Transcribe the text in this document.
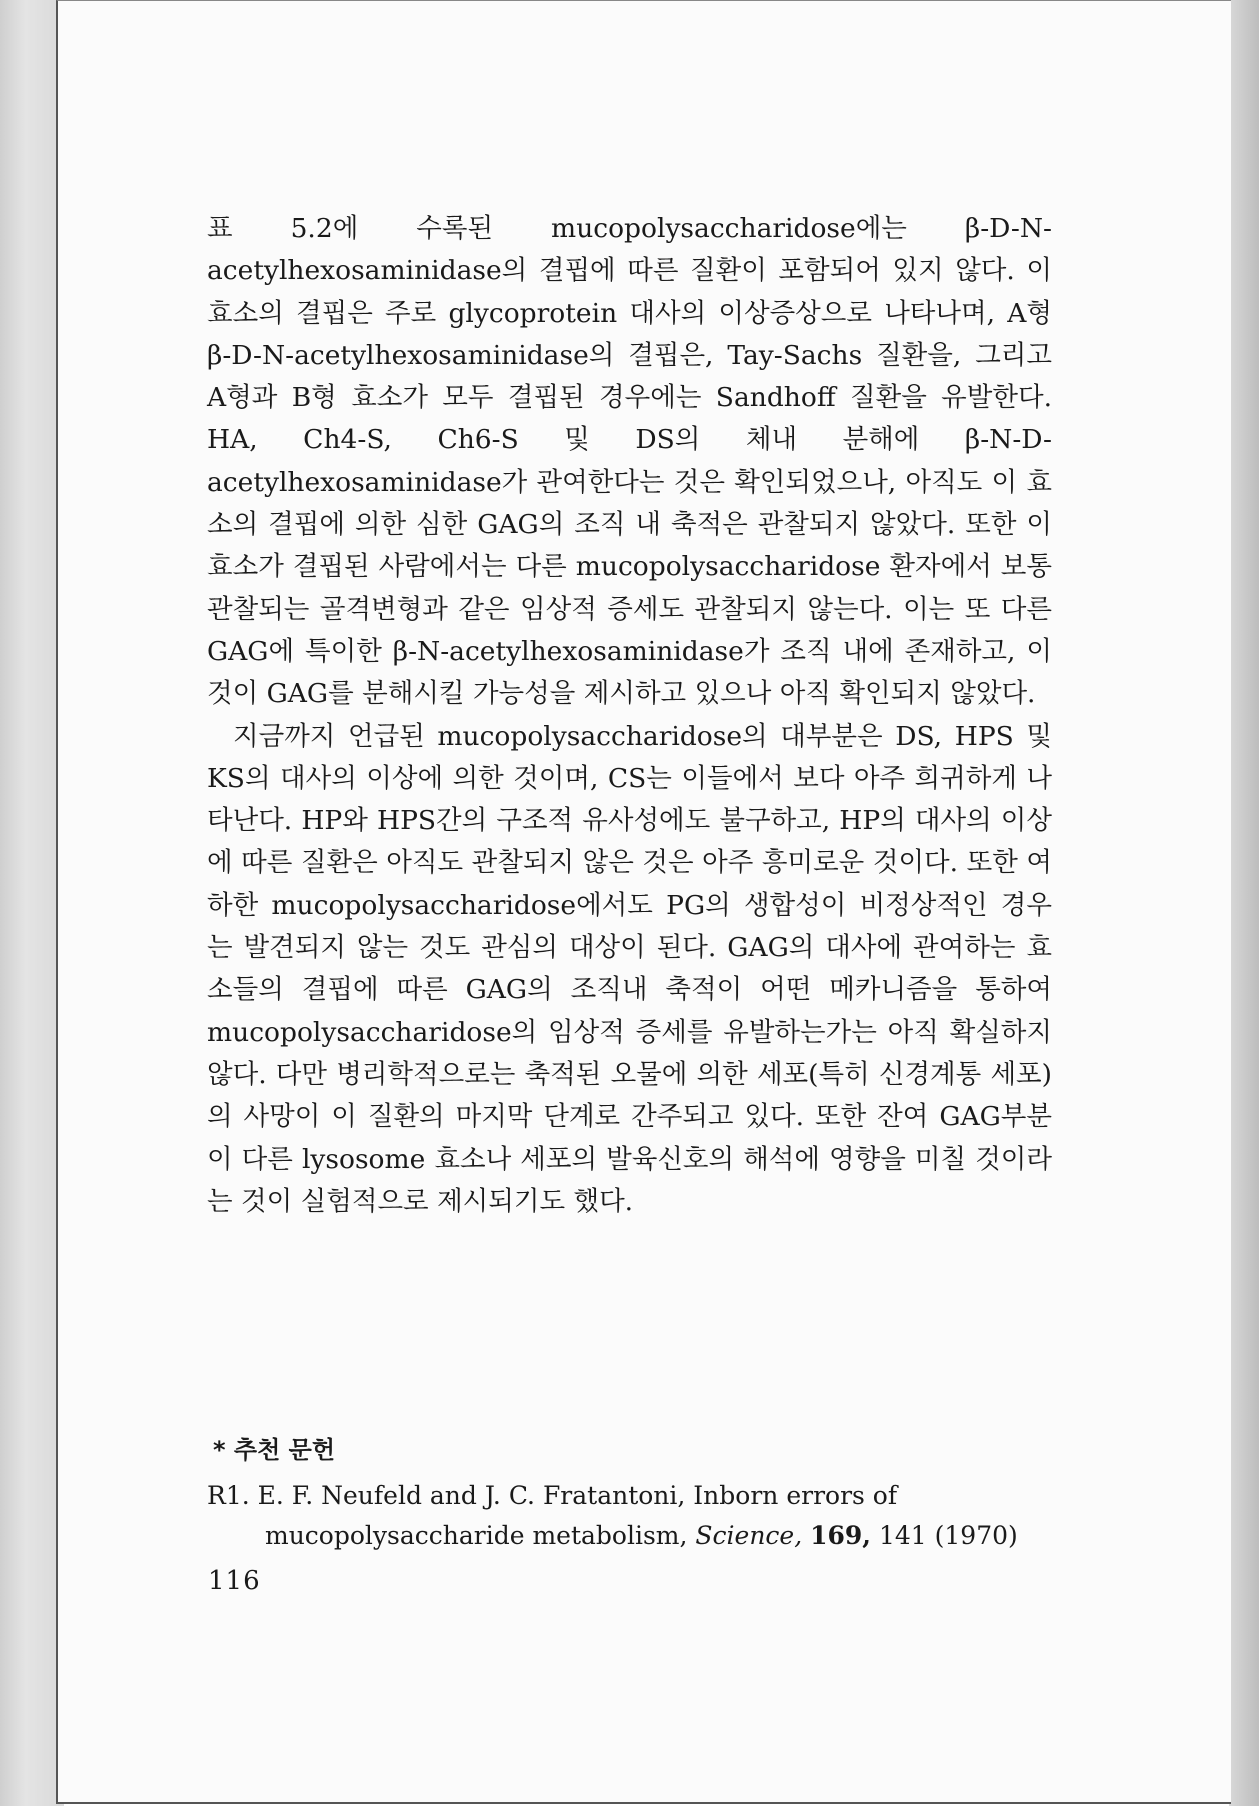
표 5.2에 수록된 mucopolysaccharidose에는 β-D-N-acetylhexosaminidase의 결핍에 따른 질환이 포함되어 있지 않다. 이 효소의 결핍은 주로 glycoprotein 대사의 이상증상으로 나타나며, A형 β-D-N-acetylhexosaminidase의 결핍은, Tay-Sachs 질환을, 그리고 A형과 B형 효소가 모두 결핍된 경우에는 Sandhoff 질환을 유발한다. HA, Ch4-S, Ch6-S 및 DS의 체내 분해에 β-N-D-acetylhexosaminidase가 관여한다는 것은 확인되었으나, 아직도 이 효소의 결핍에 의한 심한 GAG의 조직 내 축적은 관찰되지 않았다. 또한 이 효소가 결핍된 사람에서는 다른 mucopolysaccharidose 환자에서 보통 관찰되는 골격변형과 같은 임상적 증세도 관찰되지 않는다. 이는 또 다른 GAG에 특이한 β-N-acetylhexosaminidase가 조직 내에 존재하고, 이것이 GAG를 분해시킬 가능성을 제시하고 있으나 아직 확인되지 않았다.

지금까지 언급된 mucopolysaccharidose의 대부분은 DS, HPS 및 KS의 대사의 이상에 의한 것이며, CS는 이들에서 보다 아주 희귀하게 나타난다. HP와 HPS간의 구조적 유사성에도 불구하고, HP의 대사의 이상에 따른 질환은 아직도 관찰되지 않은 것은 아주 흥미로운 것이다. 또한 여하한 mucopolysaccharidose에서도 PG의 생합성이 비정상적인 경우는 발견되지 않는 것도 관심의 대상이 된다. GAG의 대사에 관여하는 효소들의 결핍에 따른 GAG의 조직내 축적이 어떤 메카니즘을 통하여 mucopolysaccharidose의 임상적 증세를 유발하는가는 아직 확실하지 않다. 다만 병리학적으로는 축적된 오물에 의한 세포(특히 신경계통 세포)의 사망이 이 질환의 마지막 단계로 간주되고 있다. 또한 잔여 GAG부분이 다른 lysosome 효소나 세포의 발육신호의 해석에 영향을 미칠 것이라는 것이 실험적으로 제시되기도 했다.

* 추천 문헌

R1. E. F. Neufeld and J. C. Fratantoni, Inborn errors of mucopolysaccharide metabolism, Science, 169, 141 (1970)

116
